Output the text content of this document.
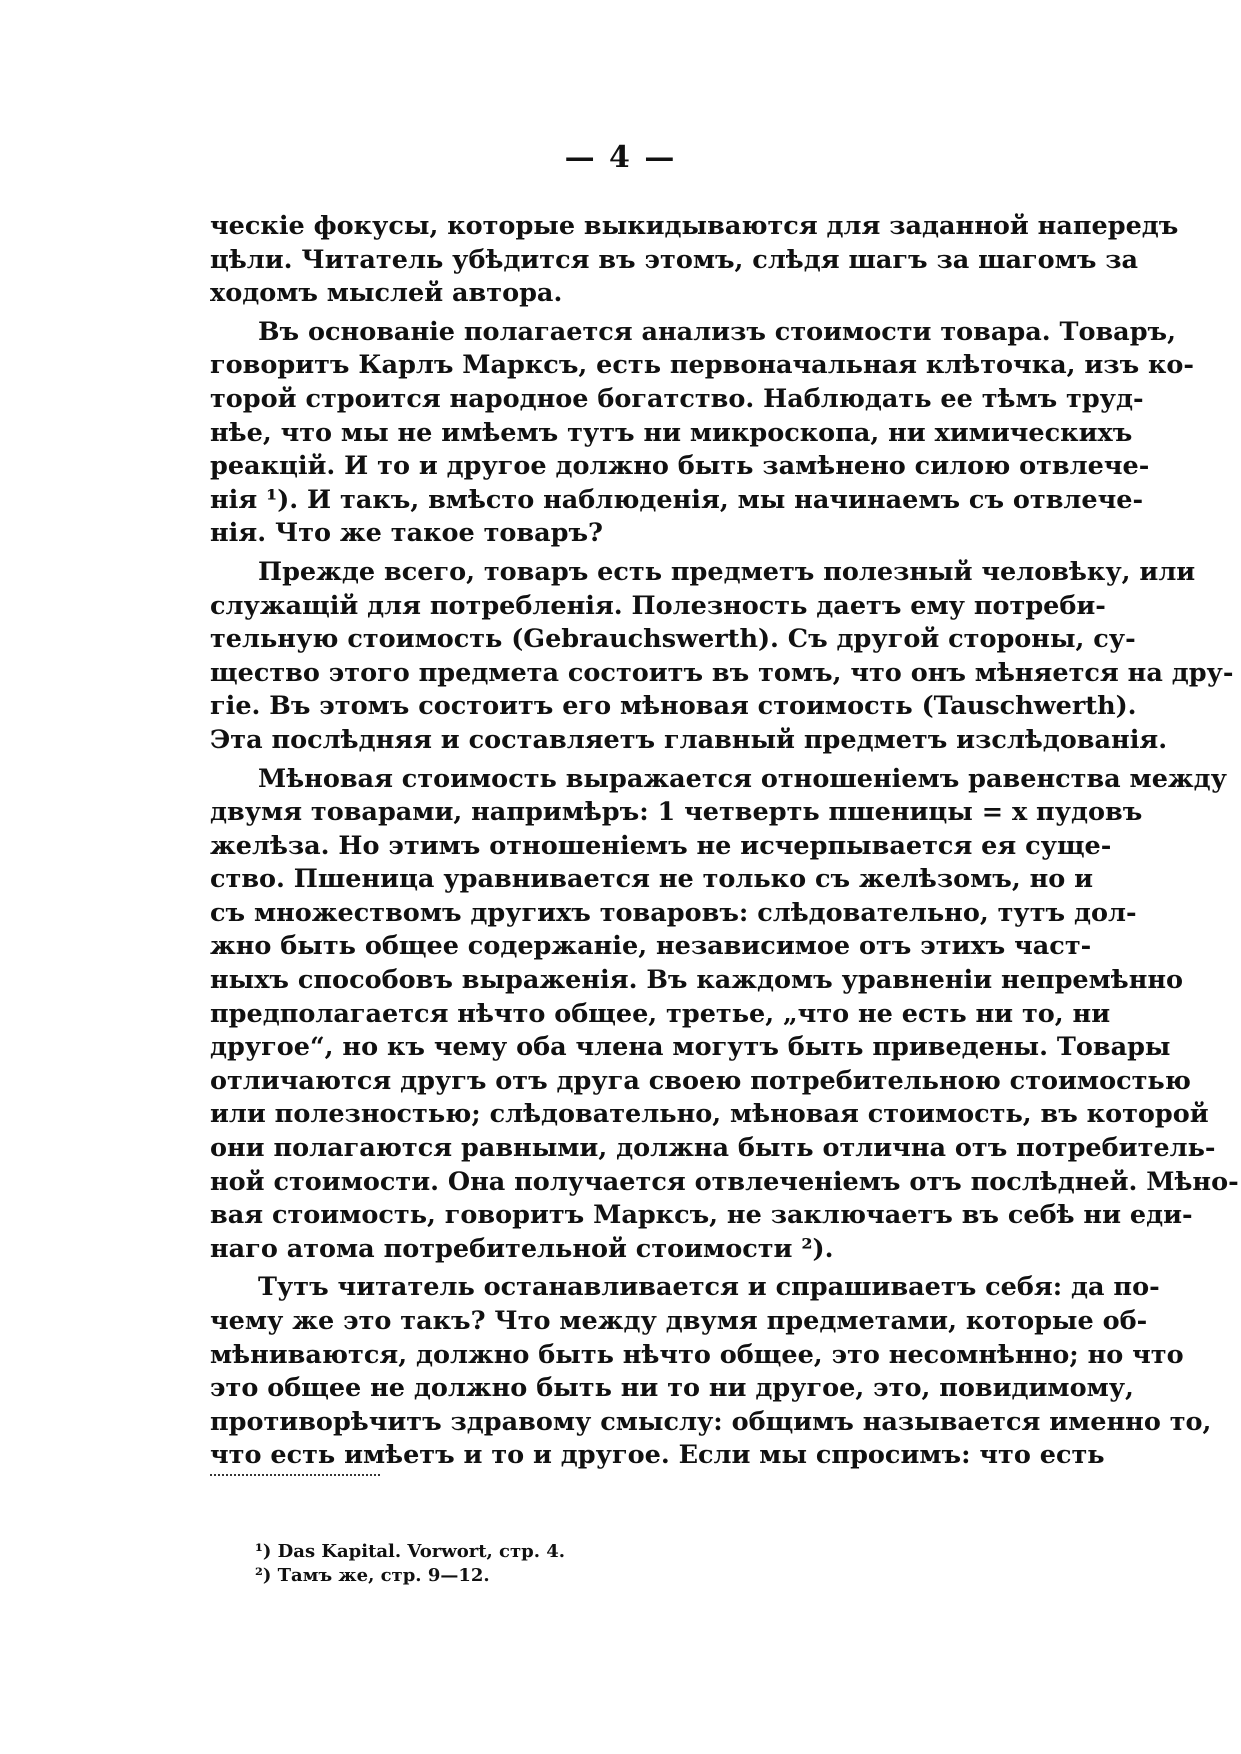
— 4 —
ческіе фокусы, которые выкидываются для заданной напередъ
цѣли. Читатель убѣдится въ этомъ, слѣдя шагъ за шагомъ за
ходомъ мыслей автора.
Въ основаніе полагается анализъ стоимости товара. Товаръ,
говоритъ Карлъ Марксъ, есть первоначальная клѣточка, изъ ко-
торой строится народное богатство. Наблюдать ее тѣмъ труд-
нѣе, что мы не имѣемъ тутъ ни микроскопа, ни химическихъ
реакцій. И то и другое должно быть замѣнено силою отвлече-
нія ¹). И такъ, вмѣсто наблюденія, мы начинаемъ съ отвлече-
нія. Что же такое товаръ?
Прежде всего, товаръ есть предметъ полезный человѣку, или
служащій для потребленія. Полезность даетъ ему потреби-
тельную стоимость (Gebrauchswerth). Съ другой стороны, су-
щество этого предмета состоитъ въ томъ, что онъ мѣняется на дру-
гіе. Въ этомъ состоитъ его мѣновая стоимость (Tauschwerth).
Эта послѣдняя и составляетъ главный предметъ изслѣдованія.
Мѣновая стоимость выражается отношеніемъ равенства между
двумя товарами, напримѣръ: 1 четверть пшеницы = x пудовъ
желѣза. Но этимъ отношеніемъ не исчерпывается ея суще-
ство. Пшеница уравнивается не только съ желѣзомъ, но и
съ множествомъ другихъ товаровъ: слѣдовательно, тутъ дол-
жно быть общее содержаніе, независимое отъ этихъ част-
ныхъ способовъ выраженія. Въ каждомъ уравненіи непремѣнно
предполагается нѣчто общее, третье, „что не есть ни то, ни
другое“, но къ чему оба члена могутъ быть приведены. Товары
отличаются другъ отъ друга своею потребительною стоимостью
или полезностью; слѣдовательно, мѣновая стоимость, въ которой
они полагаются равными, должна быть отлична отъ потребитель-
ной стоимости. Она получается отвлеченіемъ отъ послѣдней. Мѣно-
вая стоимость, говоритъ Марксъ, не заключаетъ въ себѣ ни еди-
наго атома потребительной стоимости ²).
Тутъ читатель останавливается и спрашиваетъ себя: да по-
чему же это такъ? Что между двумя предметами, которые об-
мѣниваются, должно быть нѣчто общее, это несомнѣнно; но что
это общее не должно быть ни то ни другое, это, повидимому,
противорѣчитъ здравому смыслу: общимъ называется именно то,
что есть имѣетъ и то и другое. Если мы спросимъ: что есть
¹) Das Kapital. Vorwort, стр. 4.
²) Тамъ же, стр. 9—12.
